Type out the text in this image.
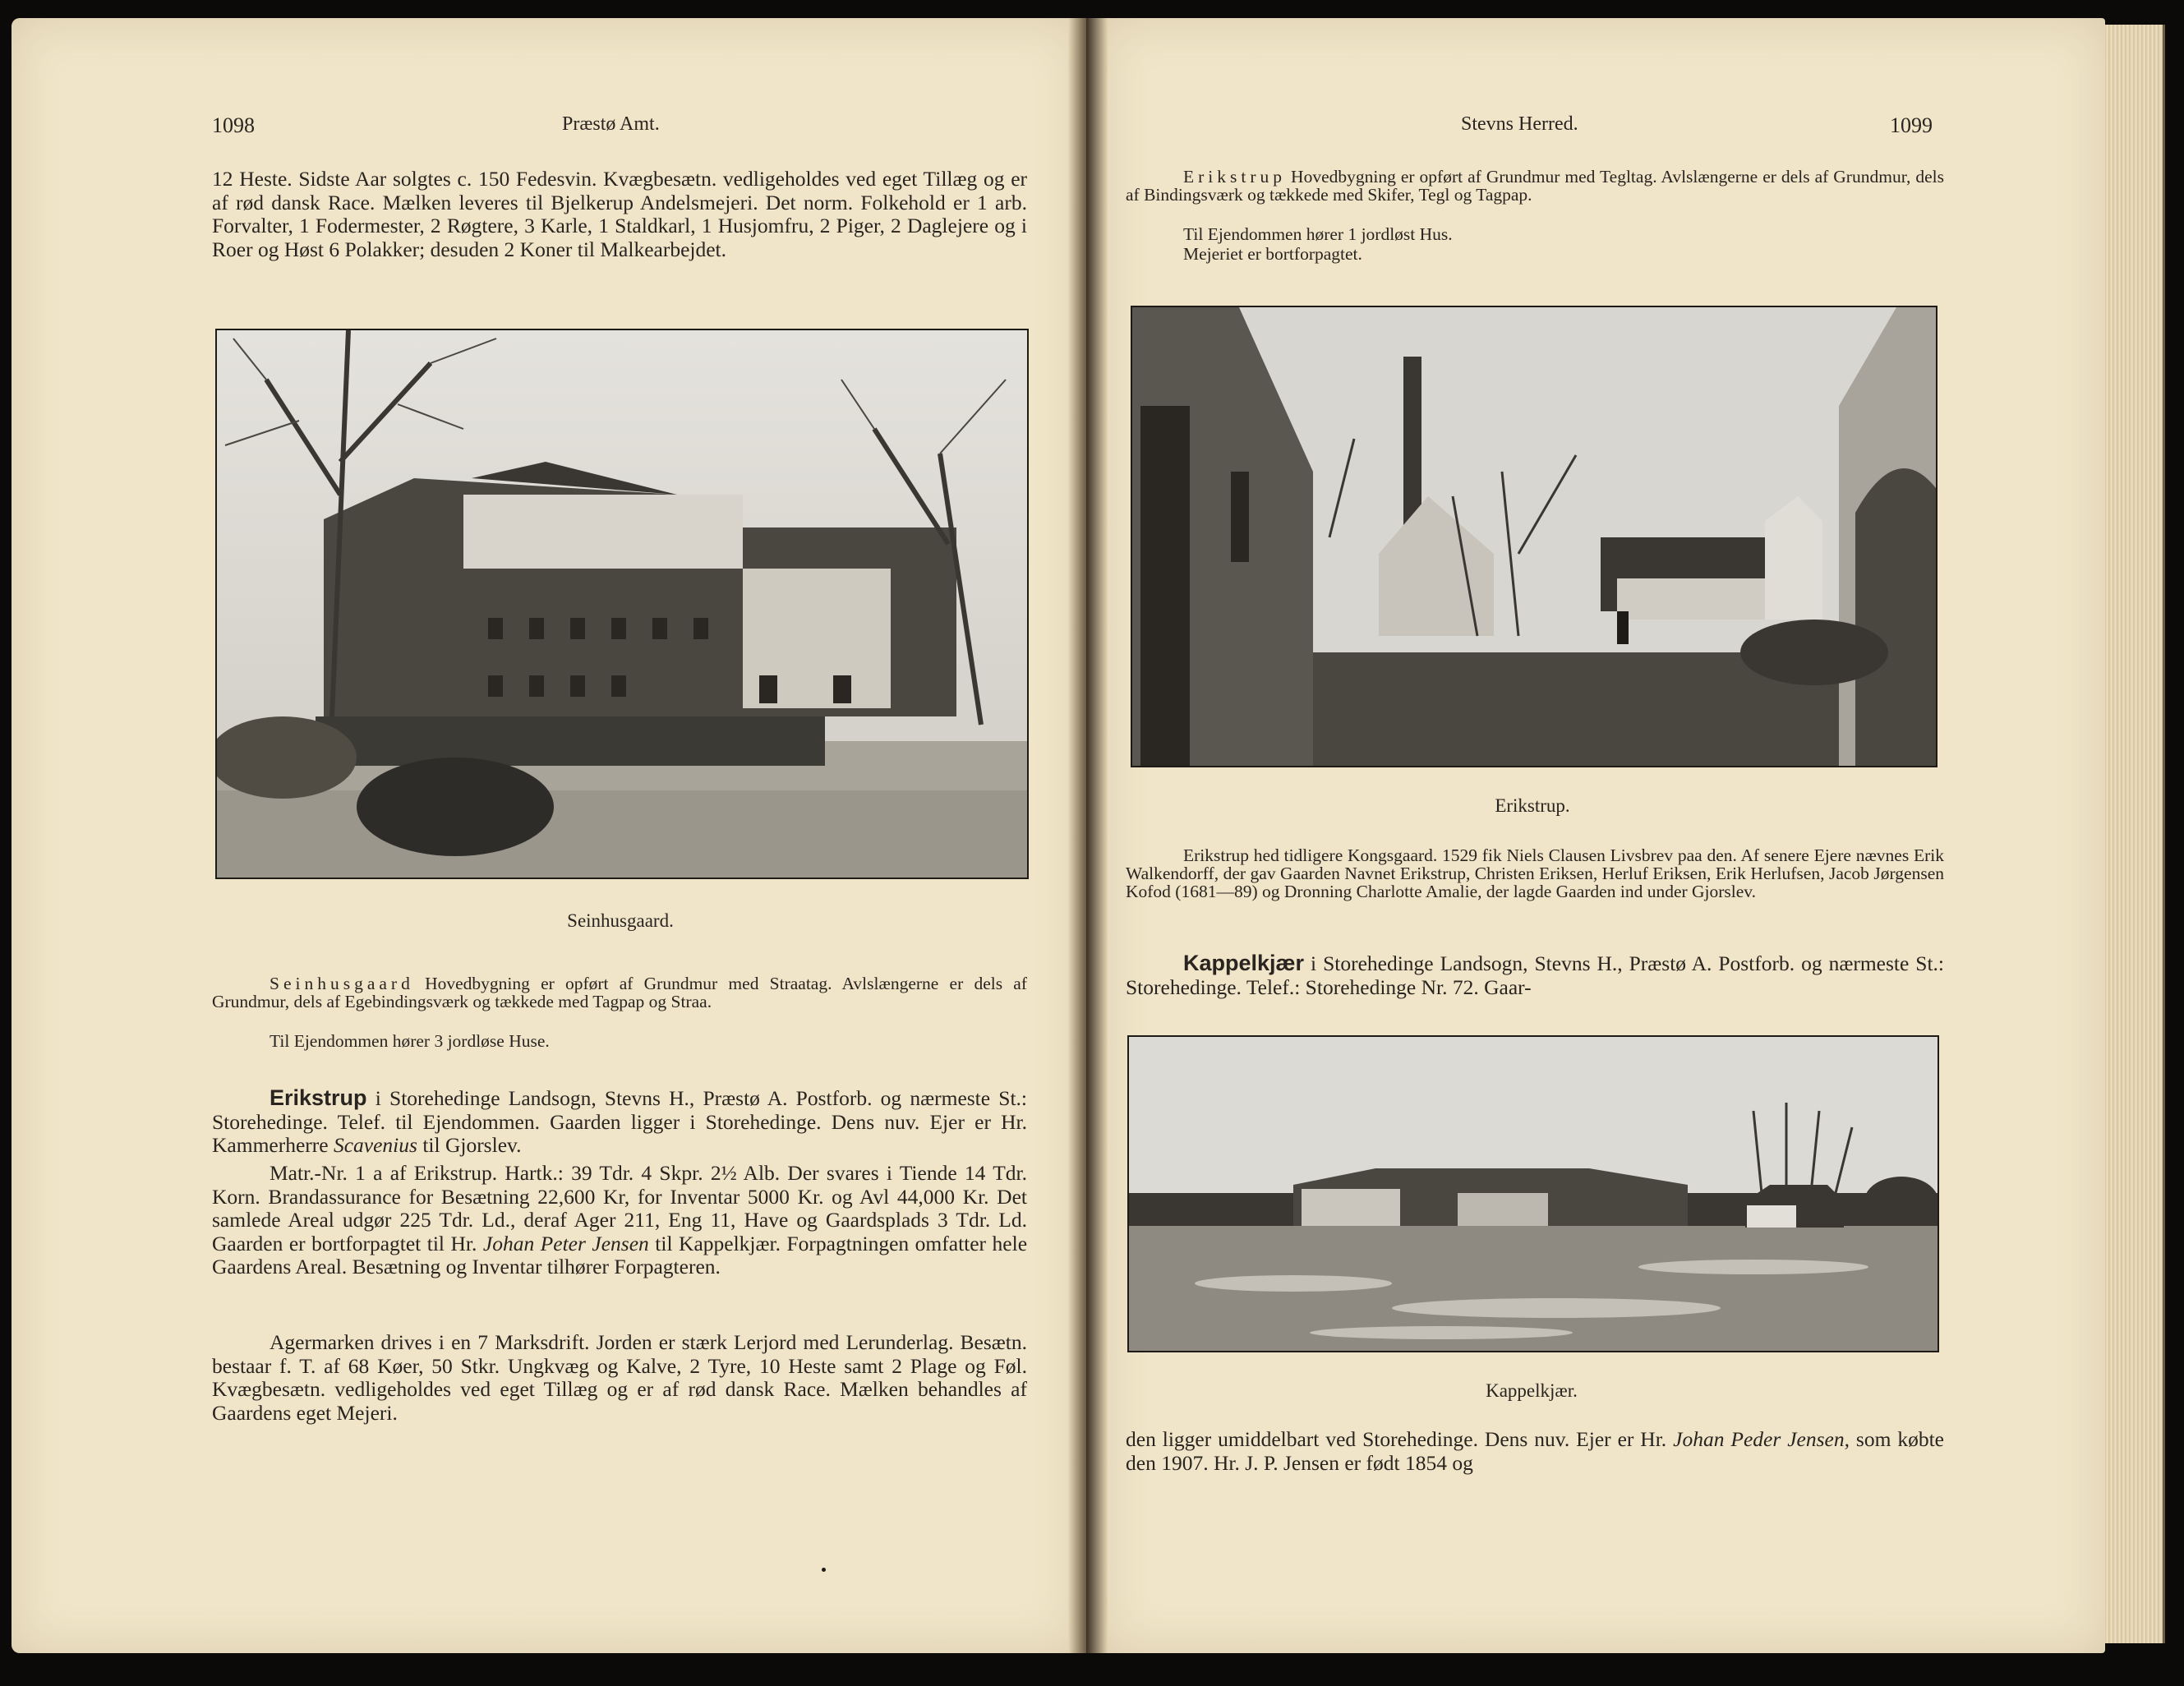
1098	Præstø Amt.

12 Heste. Sidste Aar solgtes c. 150 Fedesvin. Kvægbesætn. vedligeholdes ved eget Tillæg og er af rød dansk Race. Mælken leveres til Bjelkerup Andelsmejeri. Det norm. Folkehold er 1 arb. Forvalter, 1 Fodermester, 2 Røgtere, 3 Karle, 1 Staldkarl, 1 Husjomfru, 2 Piger, 2 Daglejere og i Roer og Høst 6 Polakker; desuden 2 Koner til Malkearbejdet.

Seinhusgaard.

Seinhusgaard Hovedbygning er opført af Grundmur med Straatag. Avlslængerne er dels af Grundmur, dels af Egebindingsværk og tækkede med Tagpap og Straa.

Til Ejendommen hører 3 jordløse Huse.

Erikstrup i Storehedinge Landsogn, Stevns H., Præstø A. Postforb. og nærmeste St.: Storehedinge. Telef. til Ejendommen. Gaarden ligger i Storehedinge. Dens nuv. Ejer er Hr. Kammerherre Scavenius til Gjorslev.

Matr.-Nr. 1 a af Erikstrup. Hartk.: 39 Tdr. 4 Skpr. 2½ Alb. Der svares i Tiende 14 Tdr. Korn. Brandassurance for Besætning 22,600 Kr, for Inventar 5000 Kr. og Avl 44,000 Kr. Det samlede Areal udgør 225 Tdr. Ld., deraf Ager 211, Eng 11, Have og Gaardsplads 3 Tdr. Ld. Gaarden er bortforpagtet til Hr. Johan Peter Jensen til Kappelkjær. Forpagtningen omfatter hele Gaardens Areal. Besætning og Inventar tilhører Forpagteren.

Agermarken drives i en 7 Marksdrift. Jorden er stærk Lerjord med Lerunderlag. Besætn. bestaar f. T. af 68 Køer, 50 Stkr. Ungkvæg og Kalve, 2 Tyre, 10 Heste samt 2 Plage og Føl. Kvægbesætn. vedligeholdes ved eget Tillæg og er af rød dansk Race. Mælken behandles af Gaardens eget Mejeri.

Stevns Herred.	1099

Erikstrup Hovedbygning er opført af Grundmur med Tegltag. Avlslængerne er dels af Grundmur, dels af Bindingsværk og tækkede med Skifer, Tegl og Tagpap.

Til Ejendommen hører 1 jordløst Hus.

Mejeriet er bortforpagtet.

Erikstrup.

Erikstrup hed tidligere Kongsgaard. 1529 fik Niels Clausen Livsbrev paa den. Af senere Ejere nævnes Erik Walkendorff, der gav Gaarden Navnet Erikstrup, Christen Eriksen, Herluf Eriksen, Erik Herlufsen, Jacob Jørgensen Kofod (1681—89) og Dronning Charlotte Amalie, der lagde Gaarden ind under Gjorslev.

Kappelkjær i Storehedinge Landsogn, Stevns H., Præstø A. Postforb. og nærmeste St.: Storehedinge. Telef.: Storehedinge Nr. 72. Gaar-

Kappelkjær.

den ligger umiddelbart ved Storehedinge. Dens nuv. Ejer er Hr. Johan Peder Jensen, som købte den 1907. Hr. J. P. Jensen er født 1854 og
